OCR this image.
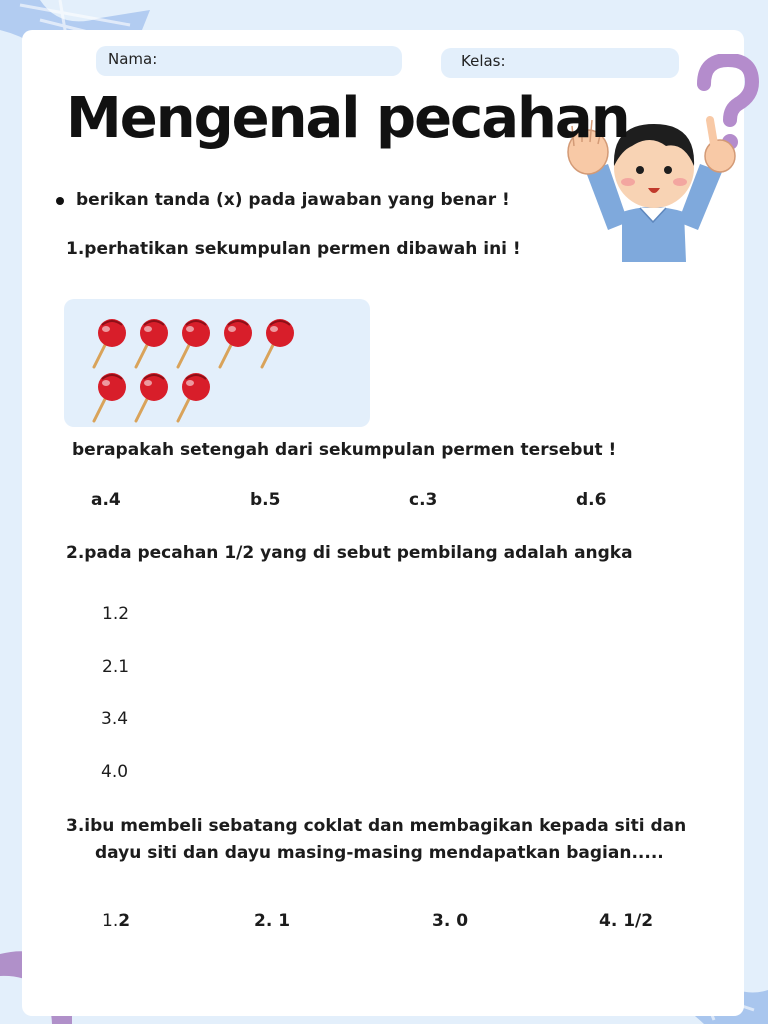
Nama:	Kelas:
Mengenal pecahan
berikan tanda (x) pada jawaban yang benar !
1.perhatikan sekumpulan permen dibawah ini !
berapakah setengah dari sekumpulan permen tersebut !
a.4	b.5	c.3	d.6
2.pada pecahan 1/2 yang di sebut pembilang adalah angka
1.2
2.1
3.4
4.0
3.ibu membeli sebatang coklat dan membagikan kepada siti dan
dayu siti dan dayu masing-masing mendapatkan bagian.....
1.2	2. 1	3. 0	4. 1/2
